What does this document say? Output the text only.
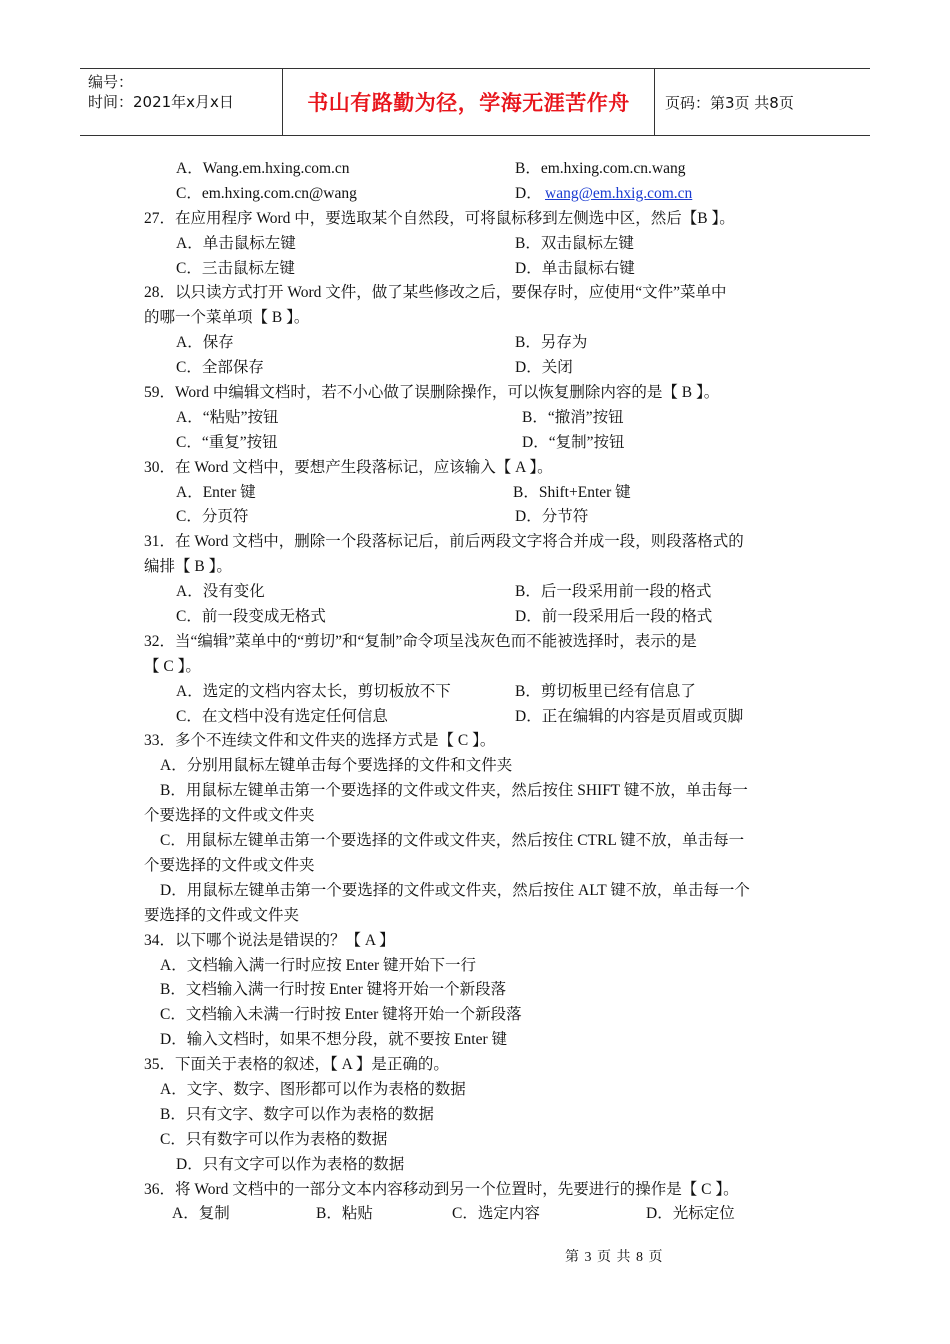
编号：
时间：2021年x月x日	书山有路勤为径，学海无涯苦作舟 页码：第3页 共8页
A．Wang.em.hxing.com.cn	B．em.hxing.com.cn.wang
C．em.hxing.com.cn@wang	D． wang@em.hxig.com.cn
27．在应用程序 Word 中，要选取某个自然段，可将鼠标移到左侧选中区，然后【B 】。
A．单击鼠标左键	B．双击鼠标左键
C．三击鼠标左键	D．单击鼠标右键
28．以只读方式打开 Word 文件，做了某些修改之后，要保存时，应使用“文件”菜单中
的哪一个菜单项【 B 】。
A．保存	B．另存为
C．全部保存	D．关闭
59．Word 中编辑文档时，若不小心做了误删除操作，可以恢复删除内容的是【 B 】。
A．“粘贴”按钮	B．“撤消”按钮
C．“重复”按钮	D．“复制”按钮
30．在 Word 文档中，要想产生段落标记，应该输入【 A 】。
A．Enter 键	B．Shift+Enter 键
C．分页符	D．分节符
31．在 Word 文档中，删除一个段落标记后，前后两段文字将合并成一段，则段落格式的
编排【 B 】。
A．没有变化	B．后一段采用前一段的格式
C．前一段变成无格式	D．前一段采用后一段的格式
32．当“编辑”菜单中的“剪切”和“复制”命令项呈浅灰色而不能被选择时，表示的是
【 C 】。
A．选定的文档内容太长，剪切板放不下	B．剪切板里已经有信息了
C．在文档中没有选定任何信息	D．正在编辑的内容是页眉或页脚
33．多个不连续文件和文件夹的选择方式是【 C 】。
A．分别用鼠标左键单击每个要选择的文件和文件夹
B．用鼠标左键单击第一个要选择的文件或文件夹，然后按住 SHIFT 键不放，单击每一
个要选择的文件或文件夹
C．用鼠标左键单击第一个要选择的文件或文件夹，然后按住 CTRL 键不放，单击每一
个要选择的文件或文件夹
D．用鼠标左键单击第一个要选择的文件或文件夹，然后按住 ALT 键不放，单击每一个
要选择的文件或文件夹
34．以下哪个说法是错误的？【 A 】
A．文档输入满一行时应按 Enter 键开始下一行
B．文档输入满一行时按 Enter 键将开始一个新段落
C．文档输入未满一行时按 Enter 键将开始一个新段落
D．输入文档时，如果不想分段，就不要按 Enter 键
35．下面关于表格的叙述，【 A 】是正确的。
A．文字、数字、图形都可以作为表格的数据
B．只有文字、数字可以作为表格的数据
C．只有数字可以作为表格的数据
D．只有文字可以作为表格的数据
36．将 Word 文档中的一部分文本内容移动到另一个位置时，先要进行的操作是【 C 】。
A．复制	B．粘贴	C．选定内容	D．光标定位
第 3 页 共 8 页
